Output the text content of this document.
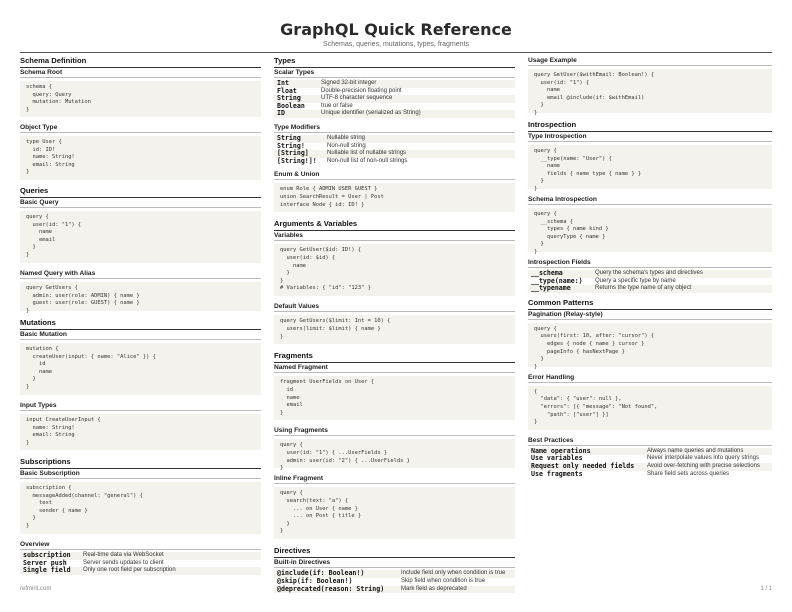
GraphQL Quick Reference
Schemas, queries, mutations, types, fragments
Schema Definition
Schema Root
schema {
query: Query
mutation: Mutation
}
Object Type
type User {
id: ID!
name: String!
email: String
}
Queries
Basic Query
query {
user(id: "1") {
name
email
}
}
Named Query with Alias
query GetUsers {
admin: user(role: ADMIN) { name }
guest: user(role: GUEST) { name }
}
Mutations
Basic Mutation
mutation {
createUser(input: { name: "Alice" }) {
id
name
}
}
Input Types
input CreateUserInput {
name: String!
email: String
}
Subscriptions
Basic Subscription
subscription {
messageAdded(channel: "general") {
text
sender { name }
}
}
Overview
subscription	Real-time data via WebSocket
Server push	Server sends updates to client
Single field	Only one root field per subscription
Types
Scalar Types
Int	Signed 32-bit integer
Float	Double-precision floating point
String	UTF-8 character sequence
Boolean	true or false
ID	Unique identifier (serialized as String)
Type Modifiers
String	Nullable string
String!	Non-null string
[String]	Nullable list of nullable strings
[String!]!	Non-null list of non-null strings
Enum & Union
enum Role { ADMIN USER GUEST }
union SearchResult = User | Post
interface Node { id: ID! }
Arguments & Variables
Variables
query GetUser($id: ID!) {
user(id: $id) {
name
}
}
# Variables: { "id": "123" }
Default Values
query GetUsers($limit: Int = 10) {
users(limit: $limit) { name }
}
Fragments
Named Fragment
fragment UserFields on User {
id
name
email
}
Using Fragments
query {
user(id: "1") { ...UserFields }
admin: user(id: "2") { ...UserFields }
}
Inline Fragment
query {
search(text: "a") {
... on User { name }
... on Post { title }
}
}
Directives
Built-in Directives
@include(if: Boolean!)	Include field only when condition is true
@skip(if: Boolean!)	Skip field when condition is true
@deprecated(reason: String)	Mark field as deprecated
Usage Example
query GetUser($withEmail: Boolean!) {
user(id: "1") {
name
email @include(if: $withEmail)
}
}
Introspection
Type Introspection
query {
__type(name: "User") {
name
fields { name type { name } }
}
}
Schema Introspection
query {
__schema {
types { name kind }
queryType { name }
}
}
Introspection Fields
__schema	Query the schema's types and directives
__type(name:)	Query a specific type by name
__typename	Returns the type name of any object
Common Patterns
Pagination (Relay-style)
query {
users(first: 10, after: "cursor") {
edges { node { name } cursor }
pageInfo { hasNextPage }
}
}
Error Handling
{
"data": { "user": null },
"errors": [{ "message": "Not found",
"path": ["user"] }]
}
Best Practices
Name operations	Always name queries and mutations
Use variables	Never interpolate values into query strings
Request only needed fields	Avoid over-fetching with precise selections
Use fragments	Share field sets across queries
refmint.com	1 / 1
